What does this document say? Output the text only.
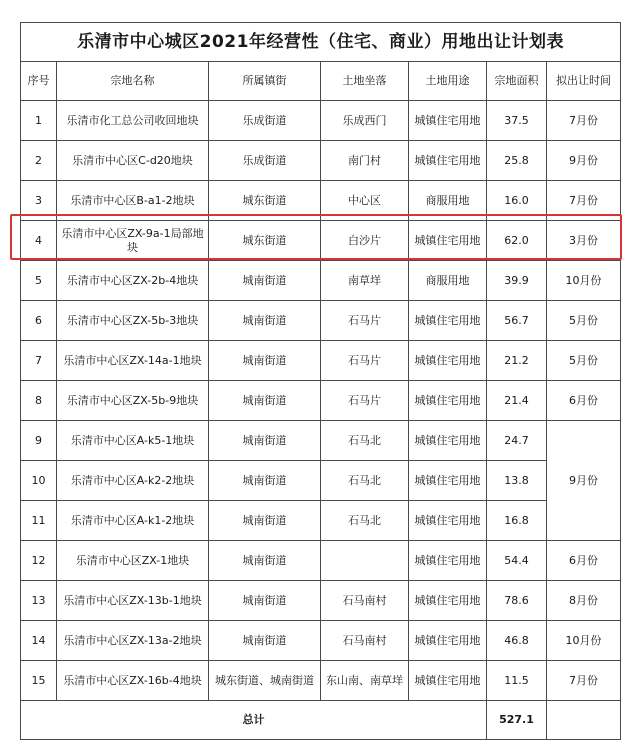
乐清市中心城区2021年经营性（住宅、商业）用地出让计划表						
序号	宗地名称	所属镇街	土地坐落	土地用途	宗地面积	拟出让时间
1	乐清市化工总公司收回地块	乐成街道	乐成西门	城镇住宅用地	37.5	7月份
2	乐清市中心区C-d20地块	乐成街道	南门村	城镇住宅用地	25.8	9月份
3	乐清市中心区B-a1-2地块	城东街道	中心区	商服用地	16.0	7月份
4	乐清市中心区ZX-9a-1局部地块	城东街道	白沙片	城镇住宅用地	62.0	3月份
5	乐清市中心区ZX-2b-4地块	城南街道	南草垟	商服用地	39.9	10月份
6	乐清市中心区ZX-5b-3地块	城南街道	石马片	城镇住宅用地	56.7	5月份
7	乐清市中心区ZX-14a-1地块	城南街道	石马片	城镇住宅用地	21.2	5月份
8	乐清市中心区ZX-5b-9地块	城南街道	石马片	城镇住宅用地	21.4	6月份
9	乐清市中心区A-k5-1地块	城南街道	石马北	城镇住宅用地	24.7	9月份
10	乐清市中心区A-k2-2地块	城南街道	石马北	城镇住宅用地	13.8	
11	乐清市中心区A-k1-2地块	城南街道	石马北	城镇住宅用地	16.8	
12	乐清市中心区ZX-1地块	城南街道		城镇住宅用地	54.4	6月份
13	乐清市中心区ZX-13b-1地块	城南街道	石马南村	城镇住宅用地	78.6	8月份
14	乐清市中心区ZX-13a-2地块	城南街道	石马南村	城镇住宅用地	46.8	10月份
15	乐清市中心区ZX-16b-4地块	城东街道、城南街道	东山南、南草垟	城镇住宅用地	11.5	7月份
总计					527.1	
